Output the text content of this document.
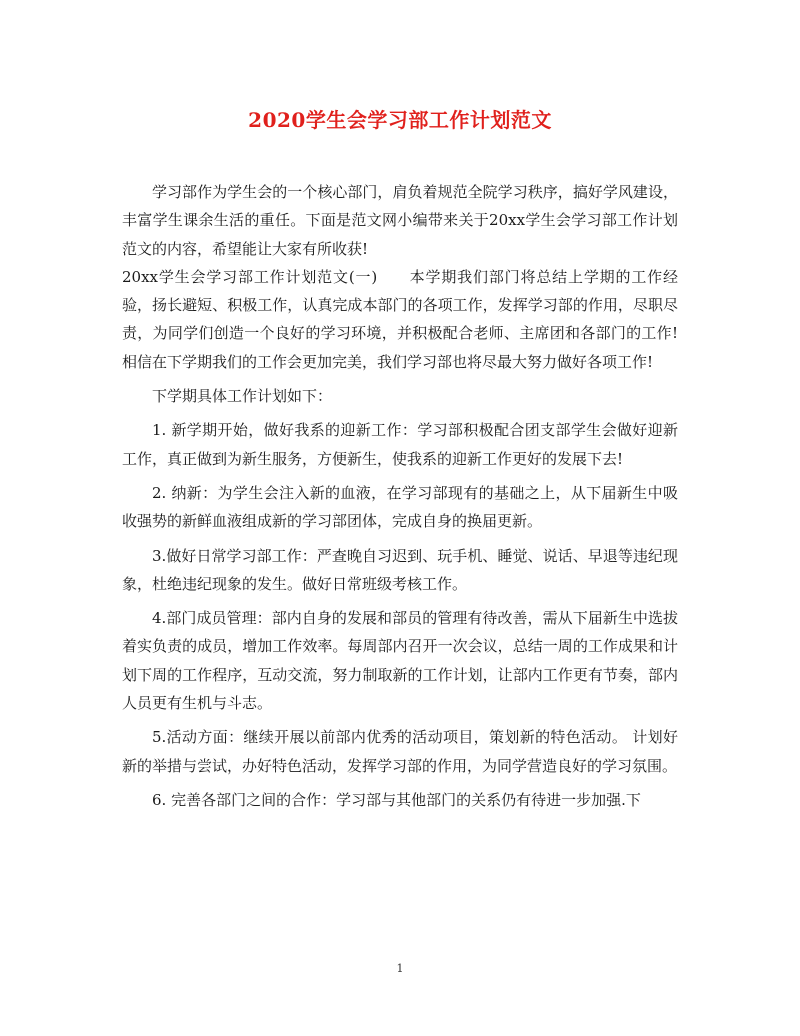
2020学生会学习部工作计划范文

学习部作为学生会的一个核心部门，肩负着规范全院学习秩序，搞好学风建设，丰富学生课余生活的重任。下面是范文网小编带来关于20xx学生会学习部工作计划范文的内容，希望能让大家有所收获!

20xx学生会学习部工作计划范文(一)　　本学期我们部门将总结上学期的工作经验，扬长避短、积极工作，认真完成本部门的各项工作，发挥学习部的作用，尽职尽责，为同学们创造一个良好的学习环境，并积极配合老师、主席团和各部门的工作!相信在下学期我们的工作会更加完美，我们学习部也将尽最大努力做好各项工作!

下学期具体工作计划如下：

1. 新学期开始，做好我系的迎新工作：学习部积极配合团支部学生会做好迎新工作，真正做到为新生服务，方便新生，使我系的迎新工作更好的发展下去!

2. 纳新：为学生会注入新的血液，在学习部现有的基础之上，从下届新生中吸收强势的新鲜血液组成新的学习部团体，完成自身的换届更新。

3.做好日常学习部工作：严查晚自习迟到、玩手机、睡觉、说话、早退等违纪现象，杜绝违纪现象的发生。做好日常班级考核工作。

4.部门成员管理：部内自身的发展和部员的管理有待改善，需从下届新生中选拔着实负责的成员，增加工作效率。每周部内召开一次会议，总结一周的工作成果和计划下周的工作程序，互动交流，努力制取新的工作计划，让部内工作更有节奏，部内人员更有生机与斗志。

5.活动方面：继续开展以前部内优秀的活动项目，策划新的特色活动。 计划好新的举措与尝试，办好特色活动，发挥学习部的作用，为同学营造良好的学习氛围。

6. 完善各部门之间的合作：学习部与其他部门的关系仍有待进一步加强.下

1
